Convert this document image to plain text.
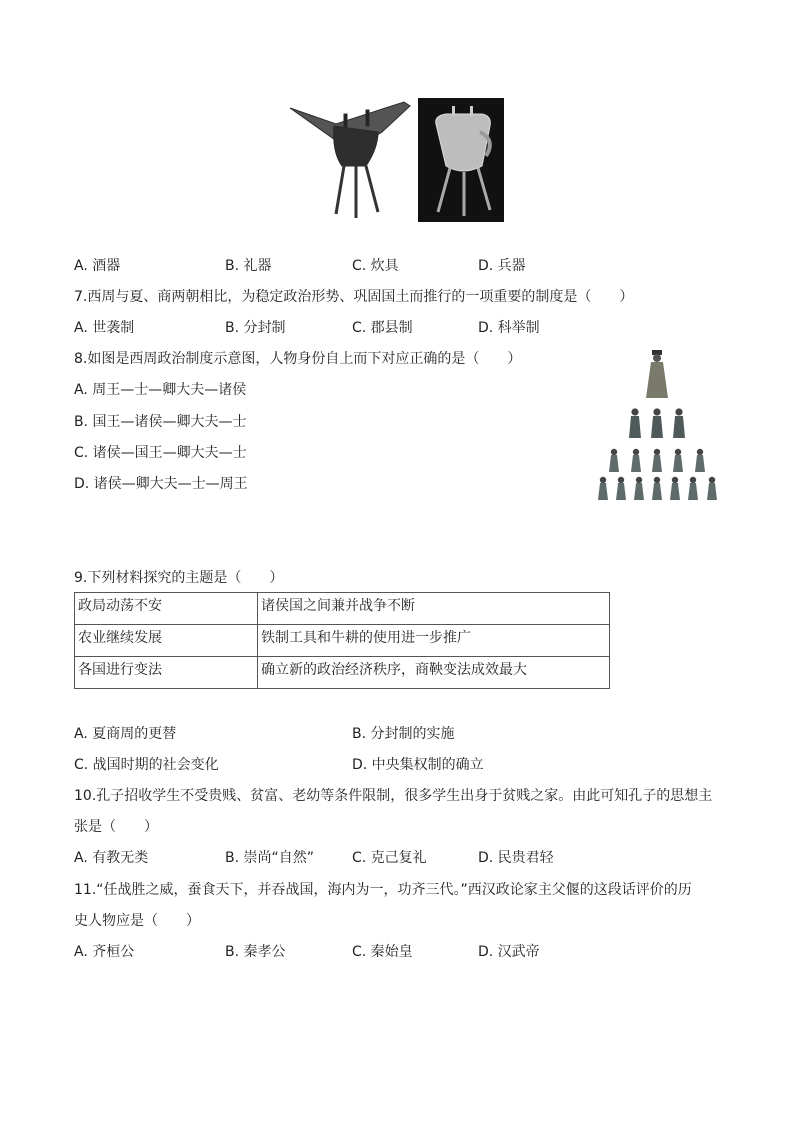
A. 酒器	B. 礼器	C. 炊具	D. 兵器
7.西周与夏、商两朝相比，为稳定政治形势、巩固国土而推行的一项重要的制度是（　　）
A. 世袭制	B. 分封制	C. 郡县制	D. 科举制
8.如图是西周政治制度示意图，人物身份自上而下对应正确的是（　　）
A. 周王—士—卿大夫—诸侯
B. 国王—诸侯—卿大夫—士
C. 诸侯—国王—卿大夫—士
D. 诸侯—卿大夫—士—周王
9.下列材料探究的主题是（　　）
政局动荡不安	诸侯国之间兼并战争不断
农业继续发展	铁制工具和牛耕的使用进一步推广
各国进行变法	确立新的政治经济秩序，商鞅变法成效最大
A. 夏商周的更替	B. 分封制的实施
C. 战国时期的社会变化	D. 中央集权制的确立
10.孔子招收学生不受贵贱、贫富、老幼等条件限制，很多学生出身于贫贱之家。由此可知孔子的思想主
张是（　　）
A. 有教无类	B. 崇尚“自然”	C. 克己复礼	D. 民贵君轻
11.“任战胜之威，蚕食天下，并吞战国，海内为一，功齐三代。”西汉政论家主父偃的这段话评价的历
史人物应是（　　）
A. 齐桓公	B. 秦孝公	C. 秦始皇	D. 汉武帝
